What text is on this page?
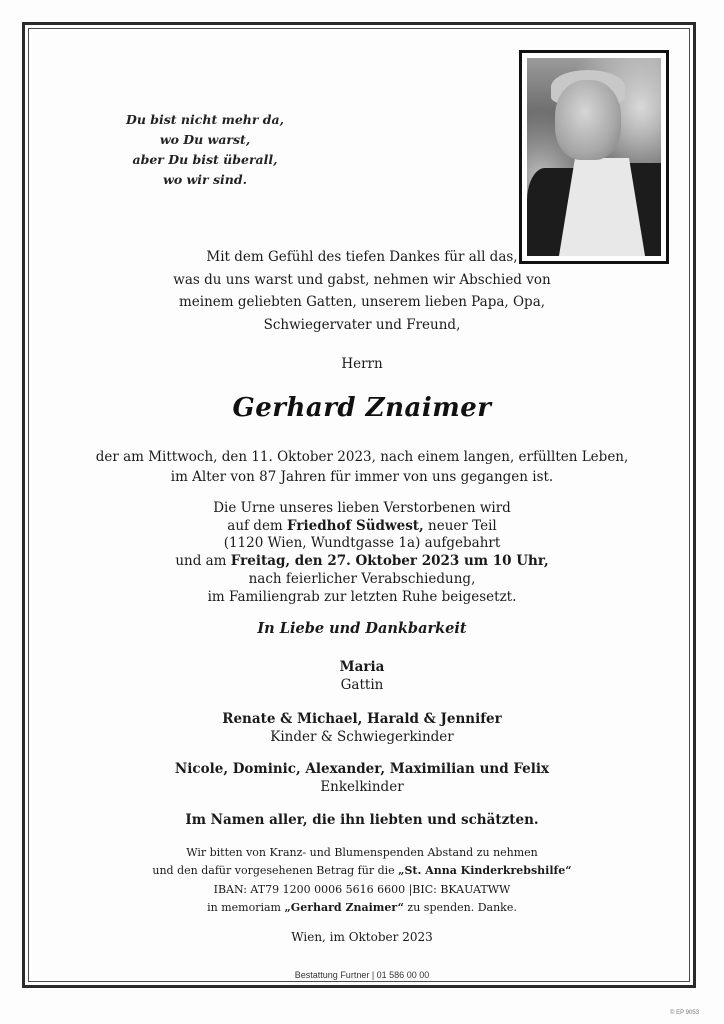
Du bist nicht mehr da,
wo Du warst,
aber Du bist überall,
wo wir sind.
Mit dem Gefühl des tiefen Dankes für all das,
was du uns warst und gabst, nehmen wir Abschied von
meinem geliebten Gatten, unserem lieben Papa, Opa,
Schwiegervater und Freund,
Herrn
Gerhard Znaimer
der am Mittwoch, den 11. Oktober 2023, nach einem langen, erfüllten Leben,
im Alter von 87 Jahren für immer von uns gegangen ist.
Die Urne unseres lieben Verstorbenen wird
auf dem Friedhof Südwest, neuer Teil
(1120 Wien, Wundtgasse 1a) aufgebahrt
und am Freitag, den 27. Oktober 2023 um 10 Uhr,
nach feierlicher Verabschiedung,
im Familiengrab zur letzten Ruhe beigesetzt.
In Liebe und Dankbarkeit
Maria
Gattin
Renate & Michael, Harald & Jennifer
Kinder & Schwiegerkinder
Nicole, Dominic, Alexander, Maximilian und Felix
Enkelkinder
Im Namen aller, die ihn liebten und schätzten.
Wir bitten von Kranz- und Blumenspenden Abstand zu nehmen
und den dafür vorgesehenen Betrag für die „St. Anna Kinderkrebshilfe“
IBAN: AT79 1200 0006 5616 6600 |BIC: BKAUATWW
in memoriam „Gerhard Znaimer“ zu spenden. Danke.
Wien, im Oktober 2023
Bestattung Furtner | 01 586 00 00
© EP 9053
